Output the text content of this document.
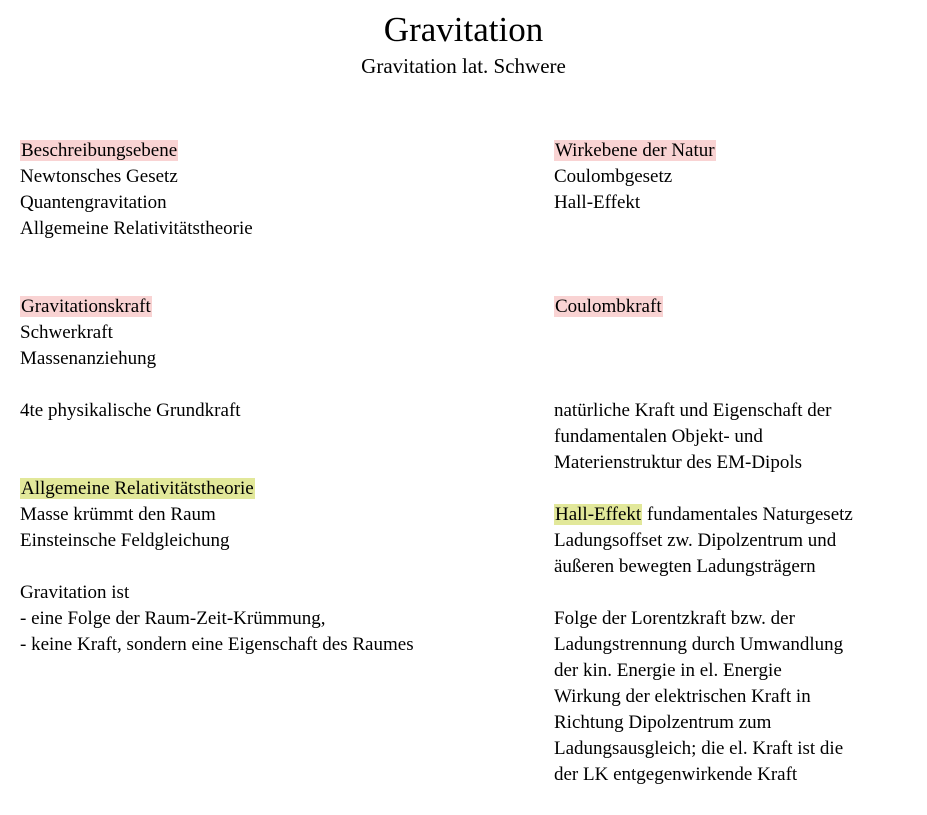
Gravitation
Gravitation lat. Schwere
Beschreibungsebene
Newtonsches Gesetz
Quantengravitation
Allgemeine Relativitätstheorie
Gravitationskraft
Schwerkraft
Massenanziehung
4te physikalische Grundkraft
Allgemeine Relativitätstheorie
Masse krümmt den Raum
Einsteinsche Feldgleichung
Gravitation ist
- eine Folge der Raum-Zeit-Krümmung,
- keine Kraft, sondern eine Eigenschaft des Raumes
Wirkebene der Natur
Coulombgesetz
Hall-Effekt
Coulombkraft
natürliche Kraft und Eigenschaft der
fundamentalen Objekt- und
Materienstruktur des EM-Dipols
Hall-Effekt fundamentales Naturgesetz
Ladungsoffset zw. Dipolzentrum und
äußeren bewegten Ladungsträgern
Folge der Lorentzkraft bzw. der
Ladungstrennung durch Umwandlung
der kin. Energie in el. Energie
Wirkung der elektrischen Kraft in
Richtung Dipolzentrum zum
Ladungsausgleich; die el. Kraft ist die
der LK entgegenwirkende Kraft
